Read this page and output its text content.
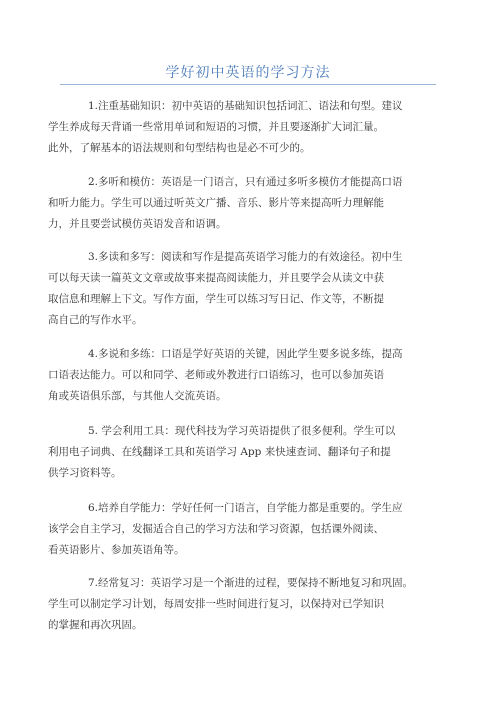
学好初中英语的学习方法
1.注重基础知识：初中英语的基础知识包括词汇、语法和句型。建议
学生养成每天背诵一些常用单词和短语的习惯，并且要逐渐扩大词汇量。
此外，了解基本的语法规则和句型结构也是必不可少的。
2.多听和模仿：英语是一门语言，只有通过多听多模仿才能提高口语
和听力能力。学生可以通过听英文广播、音乐、影片等来提高听力理解能
力，并且要尝试模仿英语发音和语调。
3.多读和多写：阅读和写作是提高英语学习能力的有效途径。初中生
可以每天读一篇英文文章或故事来提高阅读能力，并且要学会从读文中获
取信息和理解上下文。写作方面，学生可以练习写日记、作文等，不断提
高自己的写作水平。
4.多说和多练：口语是学好英语的关键，因此学生要多说多练，提高
口语表达能力。可以和同学、老师或外教进行口语练习，也可以参加英语
角或英语俱乐部，与其他人交流英语。
5. 学会利用工具：现代科技为学习英语提供了很多便利。学生可以
利用电子词典、在线翻译工具和英语学习 App 来快速查词、翻译句子和提
供学习资料等。
6.培养自学能力：学好任何一门语言，自学能力都是重要的。学生应
该学会自主学习，发掘适合自己的学习方法和学习资源，包括课外阅读、
看英语影片、参加英语角等。
7.经常复习：英语学习是一个渐进的过程，要保持不断地复习和巩固。
学生可以制定学习计划，每周安排一些时间进行复习，以保持对已学知识
的掌握和再次巩固。
